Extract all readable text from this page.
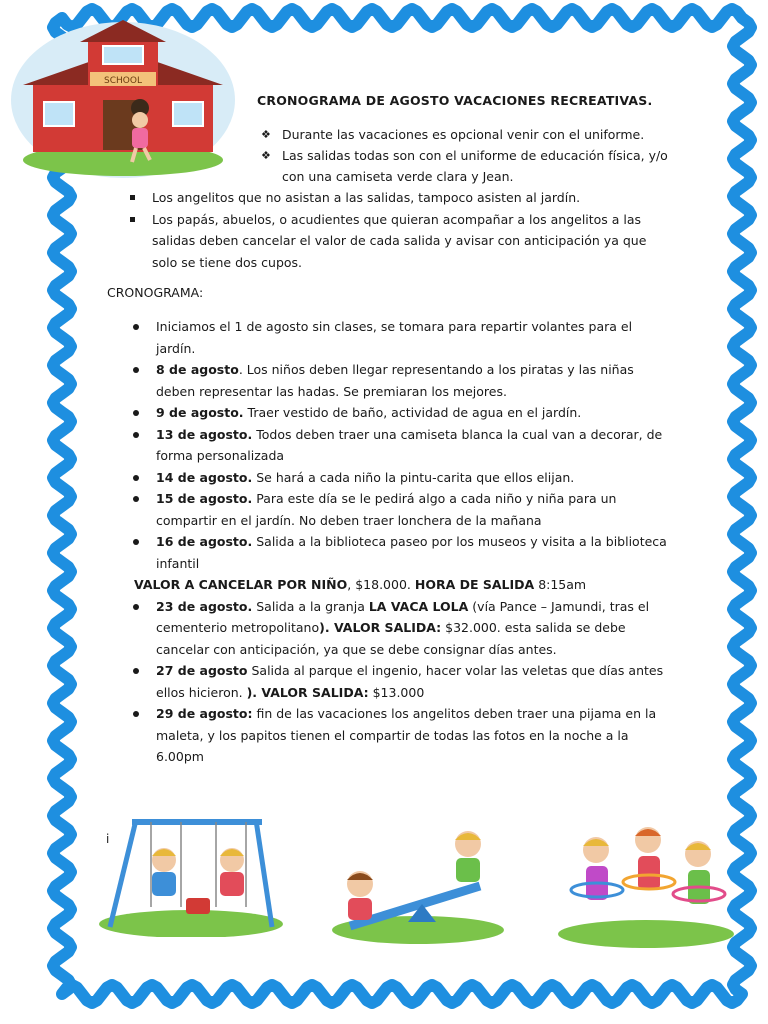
SCHOOL
CRONOGRAMA DE AGOSTO VACACIONES RECREATIVAS.
❖ Durante las vacaciones es opcional venir con el uniforme.
❖ Las salidas todas son con el uniforme de educación física, y/o con una camiseta verde clara y Jean.
Los angelitos que no asistan a las salidas, tampoco asisten al jardín.
Los papás, abuelos, o acudientes que quieran acompañar a los angelitos a las salidas deben cancelar el valor de cada salida y avisar con anticipación ya que solo se tiene dos cupos.
CRONOGRAMA:
Iniciamos el 1 de agosto sin clases, se tomara para repartir volantes para el jardín.
8 de agosto. Los niños deben llegar representando a los piratas y las niñas deben representar las hadas. Se premiaran los mejores.
9 de agosto. Traer vestido de baño, actividad de agua en el jardín.
13 de agosto. Todos deben traer una camiseta blanca la cual van a decorar, de forma personalizada
14 de agosto. Se hará a cada niño la pintu-carita que ellos elijan.
15 de agosto. Para este día se le pedirá algo a cada niño y niña para un compartir en el jardín. No deben traer lonchera de la mañana
16 de agosto. Salida a la biblioteca paseo por los museos y visita a la biblioteca infantil
VALOR A CANCELAR POR NIÑO, $18.000. HORA DE SALIDA 8:15am
23 de agosto. Salida a la granja LA VACA LOLA (vía Pance – Jamundi, tras el cementerio metropolitano). VALOR SALIDA: $32.000. esta salida se debe cancelar con anticipación, ya que se debe consignar días antes.
27 de agosto Salida al parque el ingenio, hacer volar las veletas que días antes ellos hicieron. ). VALOR SALIDA: $13.000
29 de agosto: fin de las vacaciones los angelitos deben traer una pijama en la maleta, y los papitos tienen el compartir de todas las fotos en la noche a la 6.00pm
i
